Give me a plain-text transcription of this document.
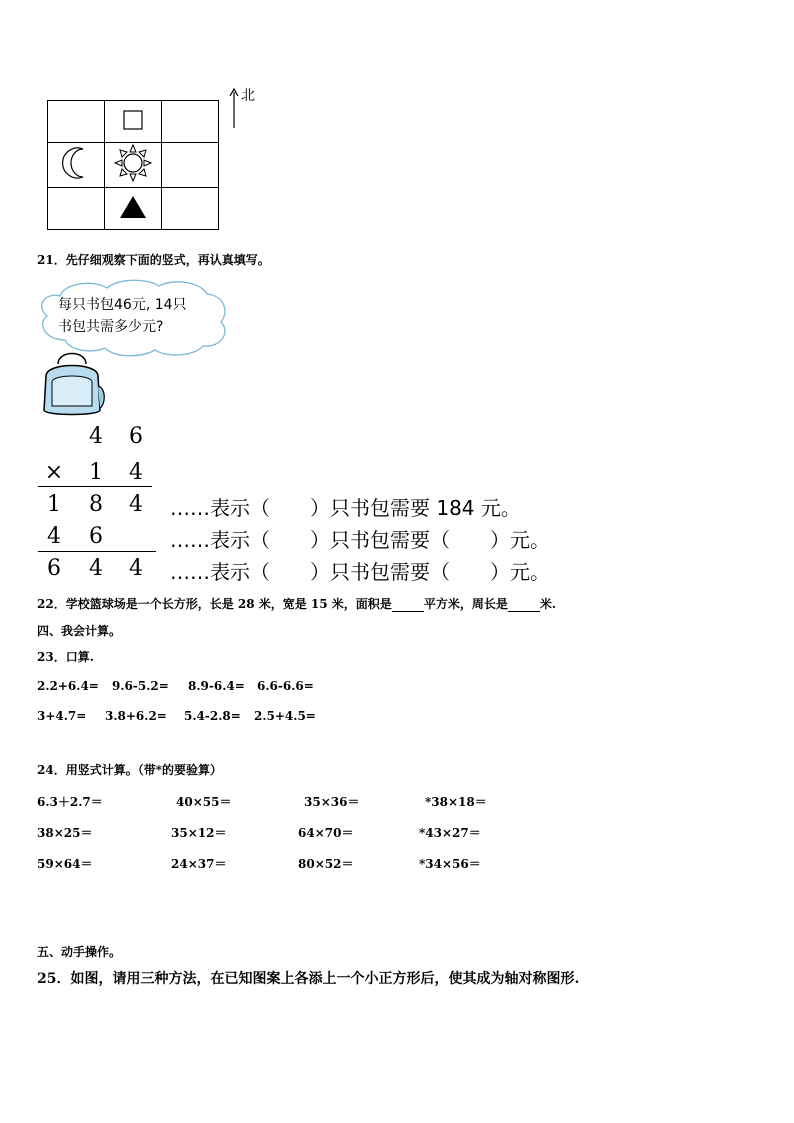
北
21．先仔细观察下面的竖式，再认真填写。
每只书包46元, 14只
书包共需多少元?
4	6
×	1	4
1	8	4
4	6
6	4	4
……表示（　　）只书包需要 184 元。
……表示（　　）只书包需要（　　）元。
……表示（　　）只书包需要（　　）元。
22．学校篮球场是一个长方形，长是 28 米，宽是 15 米，面积是	平方米，周长是	米.
四、我会计算。
23．口算.
2.2+6.4= 9.6-5.2= 8.9-6.4= 6.6-6.6=
3+4.7= 3.8+6.2= 5.4-2.8= 2.5+4.5=
24．用竖式计算。（带*的要验算）
6.3＋2.7＝	40×55＝	35×36＝	*38×18＝
38×25＝	35×12＝	64×70＝	*43×27＝
59×64＝	24×37＝	80×52＝	*34×56＝
五、动手操作。
25．如图，请用三种方法，在已知图案上各添上一个小正方形后，使其成为轴对称图形.
